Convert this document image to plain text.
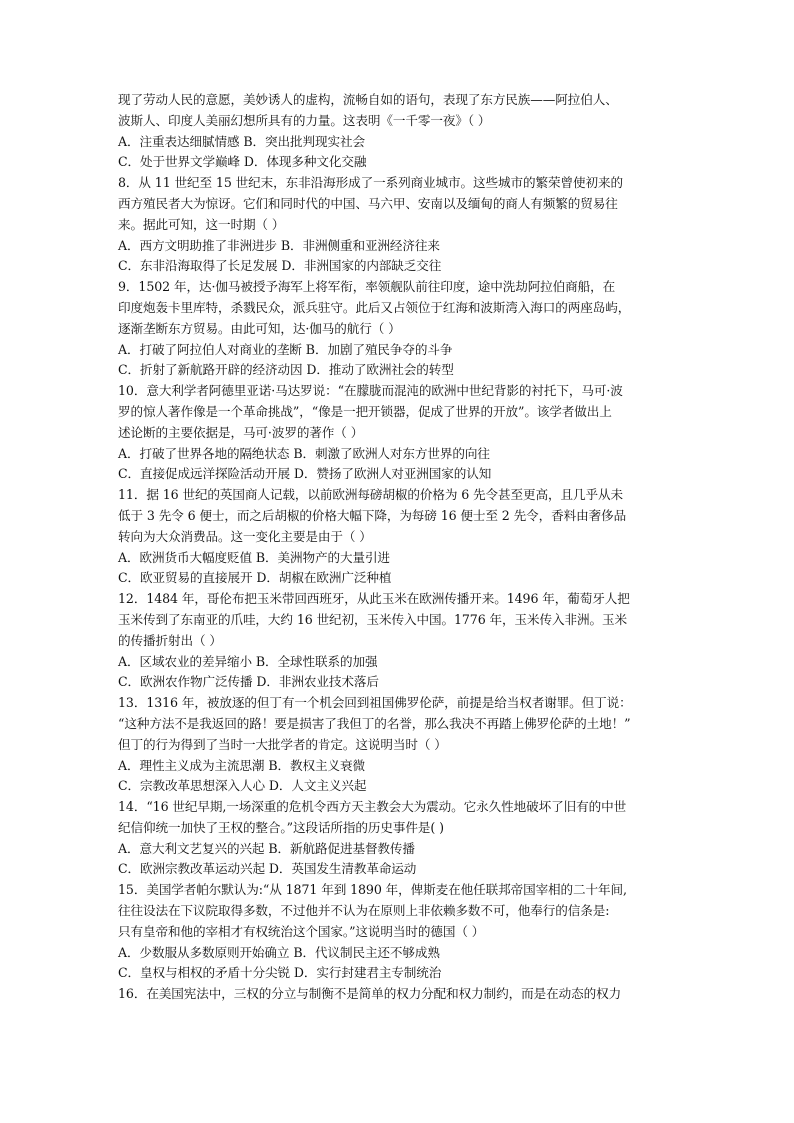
现了劳动人民的意愿，美妙诱人的虚构，流畅自如的语句，表现了东方民族——阿拉伯人、
波斯人、印度人美丽幻想所具有的力量。这表明《一千零一夜》（ ）
A．注重表达细腻情感 B．突出批判现实社会
C．处于世界文学巅峰 D．体现多种文化交融
8．从 11 世纪至 15 世纪末，东非沿海形成了一系列商业城市。这些城市的繁荣曾使初来的
西方殖民者大为惊讶。它们和同时代的中国、马六甲、安南以及缅甸的商人有频繁的贸易往
来。据此可知，这一时期（ ）
A．西方文明助推了非洲进步 B．非洲侧重和亚洲经济往来
C．东非沿海取得了长足发展 D．非洲国家的内部缺乏交往
9．1502 年，达·伽马被授予海军上将军衔，率领舰队前往印度，途中洗劫阿拉伯商船，在
印度炮轰卡里库特，杀戮民众，派兵驻守。此后又占领位于红海和波斯湾入海口的两座岛屿，
逐渐垄断东方贸易。由此可知，达·伽马的航行（ ）
A．打破了阿拉伯人对商业的垄断 B．加剧了殖民争夺的斗争
C．折射了新航路开辟的经济动因 D．推动了欧洲社会的转型
10．意大利学者阿德里亚诺·马达罗说：“在朦胧而混沌的欧洲中世纪背影的衬托下，马可·波
罗的惊人著作像是一个革命挑战”，“像是一把开锁器，促成了世界的开放”。该学者做出上
述论断的主要依据是，马可·波罗的著作（ ）
A．打破了世界各地的隔绝状态 B．刺激了欧洲人对东方世界的向往
C．直接促成远洋探险活动开展 D．赞扬了欧洲人对亚洲国家的认知
11．据 16 世纪的英国商人记载，以前欧洲每磅胡椒的价格为 6 先令甚至更高，且几乎从未
低于 3 先令 6 便士，而之后胡椒的价格大幅下降，为每磅 16 便士至 2 先令，香料由奢侈品
转向为大众消费品。这一变化主要是由于（ ）
A．欧洲货币大幅度贬值 B．美洲物产的大量引进
C．欧亚贸易的直接展开 D．胡椒在欧洲广泛种植
12．1484 年，哥伦布把玉米带回西班牙，从此玉米在欧洲传播开来。1496 年，葡萄牙人把
玉米传到了东南亚的爪哇，大约 16 世纪初，玉米传入中国。1776 年，玉米传入非洲。玉米
的传播折射出（ ）
A．区域农业的差异缩小 B．全球性联系的加强
C．欧洲农作物广泛传播 D．非洲农业技术落后
13．1316 年，被放逐的但丁有一个机会回到祖国佛罗伦萨，前提是给当权者谢罪。但丁说：
“这种方法不是我返回的路！要是损害了我但丁的名誉，那么我决不再踏上佛罗伦萨的土地！”
但丁的行为得到了当时一大批学者的肯定。这说明当时（ ）
A．理性主义成为主流思潮 B．教权主义衰微
C．宗教改革思想深入人心 D．人文主义兴起
14．“16 世纪早期,一场深重的危机令西方天主教会大为震动。它永久性地破坏了旧有的中世
纪信仰统一加快了王权的整合。”这段话所指的历史事件是( )
A．意大利文艺复兴的兴起 B．新航路促进基督教传播
C．欧洲宗教改革运动兴起 D．英国发生清教革命运动
15．美国学者帕尔默认为:“从 1871 年到 1890 年，俾斯麦在他任联邦帝国宰相的二十年间,
往往设法在下议院取得多数，不过他并不认为在原则上非依赖多数不可，他奉行的信条是:
只有皇帝和他的宰相才有权统治这个国家。”这说明当时的德国（ ）
A．少数服从多数原则开始确立 B．代议制民主还不够成熟
C．皇权与相权的矛盾十分尖锐 D．实行封建君主专制统治
16．在美国宪法中，三权的分立与制衡不是简单的权力分配和权力制约，而是在动态的权力
